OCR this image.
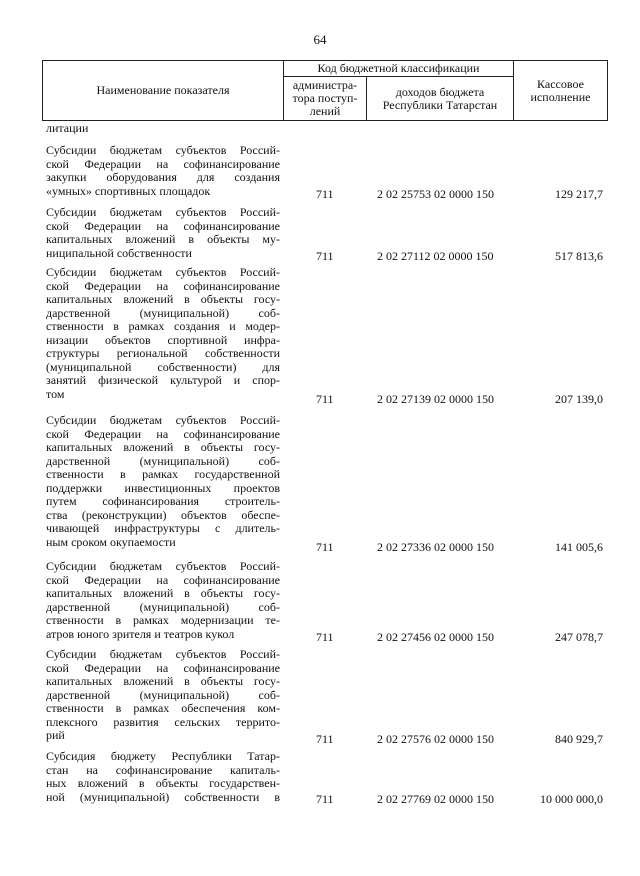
64
Наименование показателя
Код бюджетной классификации
администра-
тора поступ-
лений
доходов бюджета
Республики Татарстан
Кассовое
исполнение
литации
Субсидии бюджетам субъектов Россий-
ской Федерации на софинансирование
закупки оборудования для создания
«умных» спортивных площадок	711	2 02 25753 02 0000 150	129 217,7
Субсидии бюджетам субъектов Россий-
ской Федерации на софинансирование
капитальных вложений в объекты му-
ниципальной собственности	711	2 02 27112 02 0000 150	517 813,6
Субсидии бюджетам субъектов Россий-
ской Федерации на софинансирование
капитальных вложений в объекты госу-
дарственной (муниципальной) соб-
ственности в рамках создания и модер-
низации объектов спортивной инфра-
структуры региональной собственности
(муниципальной собственности) для
занятий физической культурой и спор-
том	711	2 02 27139 02 0000 150	207 139,0
Субсидии бюджетам субъектов Россий-
ской Федерации на софинансирование
капитальных вложений в объекты госу-
дарственной (муниципальной) соб-
ственности в рамках государственной
поддержки инвестиционных проектов
путем софинансирования строитель-
ства (реконструкции) объектов обеспе-
чивающей инфраструктуры с длитель-
ным сроком окупаемости	711	2 02 27336 02 0000 150	141 005,6
Субсидии бюджетам субъектов Россий-
ской Федерации на софинансирование
капитальных вложений в объекты госу-
дарственной (муниципальной) соб-
ственности в рамках модернизации те-
атров юного зрителя и театров кукол	711	2 02 27456 02 0000 150	247 078,7
Субсидии бюджетам субъектов Россий-
ской Федерации на софинансирование
капитальных вложений в объекты госу-
дарственной (муниципальной) соб-
ственности в рамках обеспечения ком-
плексного развития сельских террито-
рий	711	2 02 27576 02 0000 150	840 929,7
Субсидия бюджету Республики Татар-
стан на софинансирование капиталь-
ных вложений в объекты государствен-
ной (муниципальной) собственности в	711	2 02 27769 02 0000 150	10 000 000,0
